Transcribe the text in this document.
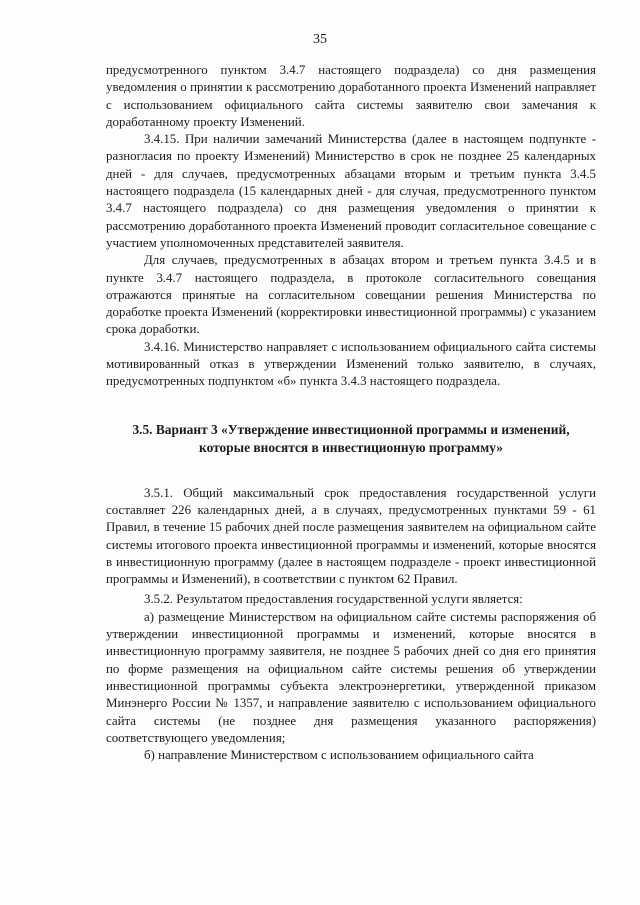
35

предусмотренного пунктом 3.4.7 настоящего подраздела) со дня размещения уведомления о принятии к рассмотрению доработанного проекта Изменений направляет с использованием официального сайта системы заявителю свои замечания к доработанному проекту Изменений.

3.4.15. При наличии замечаний Министерства (далее в настоящем подпункте - разногласия по проекту Изменений) Министерство в срок не позднее 25 календарных дней - для случаев, предусмотренных абзацами вторым и третьим пункта 3.4.5 настоящего подраздела (15 календарных дней - для случая, предусмотренного пунктом 3.4.7 настоящего подраздела) со дня размещения уведомления о принятии к рассмотрению доработанного проекта Изменений проводит согласительное совещание с участием уполномоченных представителей заявителя.

Для случаев, предусмотренных в абзацах втором и третьем пункта 3.4.5 и в пункте 3.4.7 настоящего подраздела, в протоколе согласительного совещания отражаются принятые на согласительном совещании решения Министерства по доработке проекта Изменений (корректировки инвестиционной программы) с указанием срока доработки.

3.4.16. Министерство направляет с использованием официального сайта системы мотивированный отказ в утверждении Изменений только заявителю, в случаях, предусмотренных подпунктом «б» пункта 3.4.3 настоящего подраздела.

3.5. Вариант 3 «Утверждение инвестиционной программы и изменений, которые вносятся в инвестиционную программу»

3.5.1. Общий максимальный срок предоставления государственной услуги составляет 226 календарных дней, а в случаях, предусмотренных пунктами 59 - 61 Правил, в течение 15 рабочих дней после размещения заявителем на официальном сайте системы итогового проекта инвестиционной программы и изменений, которые вносятся в инвестиционную программу (далее в настоящем подразделе - проект инвестиционной программы и Изменений), в соответствии с пунктом 62 Правил.

3.5.2. Результатом предоставления государственной услуги является:

а) размещение Министерством на официальном сайте системы распоряжения об утверждении инвестиционной программы и изменений, которые вносятся в инвестиционную программу заявителя, не позднее 5 рабочих дней со дня его принятия по форме размещения на официальном сайте системы решения об утверждении инвестиционной программы субъекта электроэнергетики, утвержденной приказом Минэнерго России № 1357, и направление заявителю с использованием официального сайта системы (не позднее дня размещения указанного распоряжения) соответствующего уведомления;

б) направление Министерством с использованием официального сайта
